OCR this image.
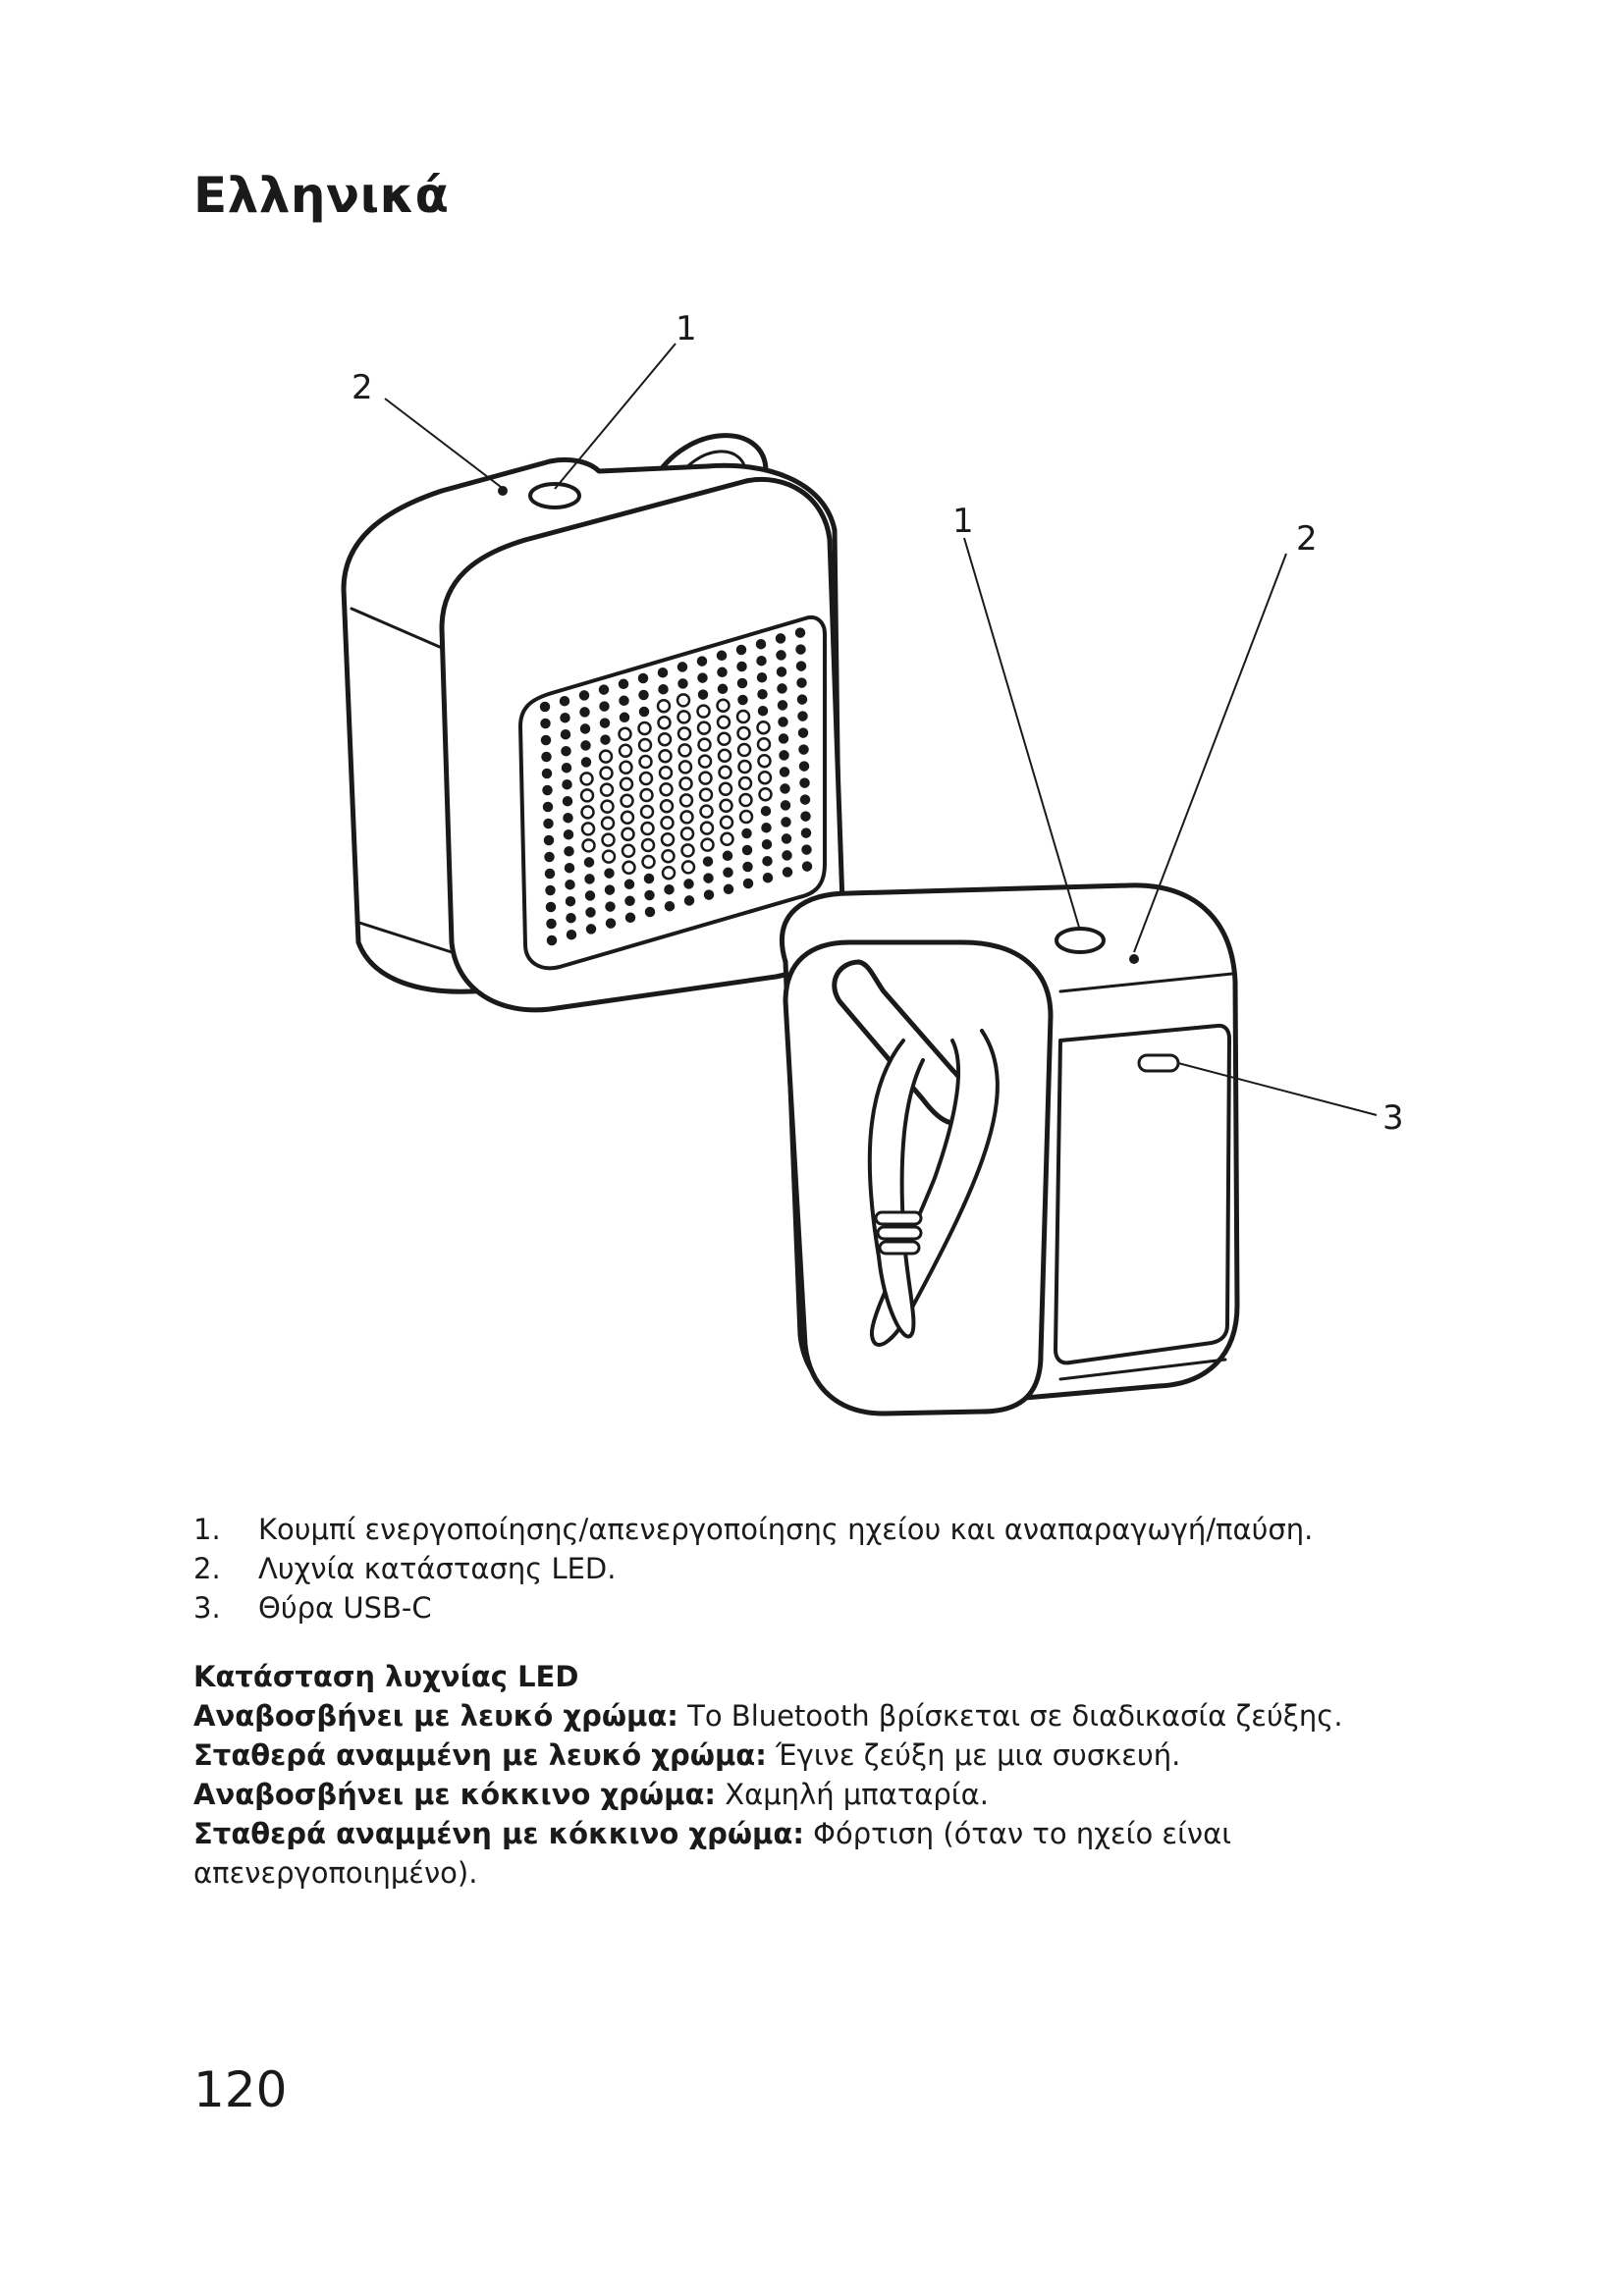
Ελληνικά
1
2
1	2
3
1.	Κουμπί ενεργοποίησης/απενεργοποίησης ηχείου και αναπαραγωγή/παύση.
2.	Λυχνία κατάστασης LED.
3.	Θύρα USB-C

Κατάσταση λυχνίας LED

Αναβοσβήνει με λευκό χρώμα: Το Bluetooth βρίσκεται σε διαδικασία ζεύξης.

Σταθερά αναμμένη με λευκό χρώμα: Έγινε ζεύξη με μια συσκευή.

Αναβοσβήνει με κόκκινο χρώμα: Χαμηλή μπαταρία.

Σταθερά αναμμένη με κόκκινο χρώμα: Φόρτιση (όταν το ηχείο είναι απενεργοποιημένο).

120
